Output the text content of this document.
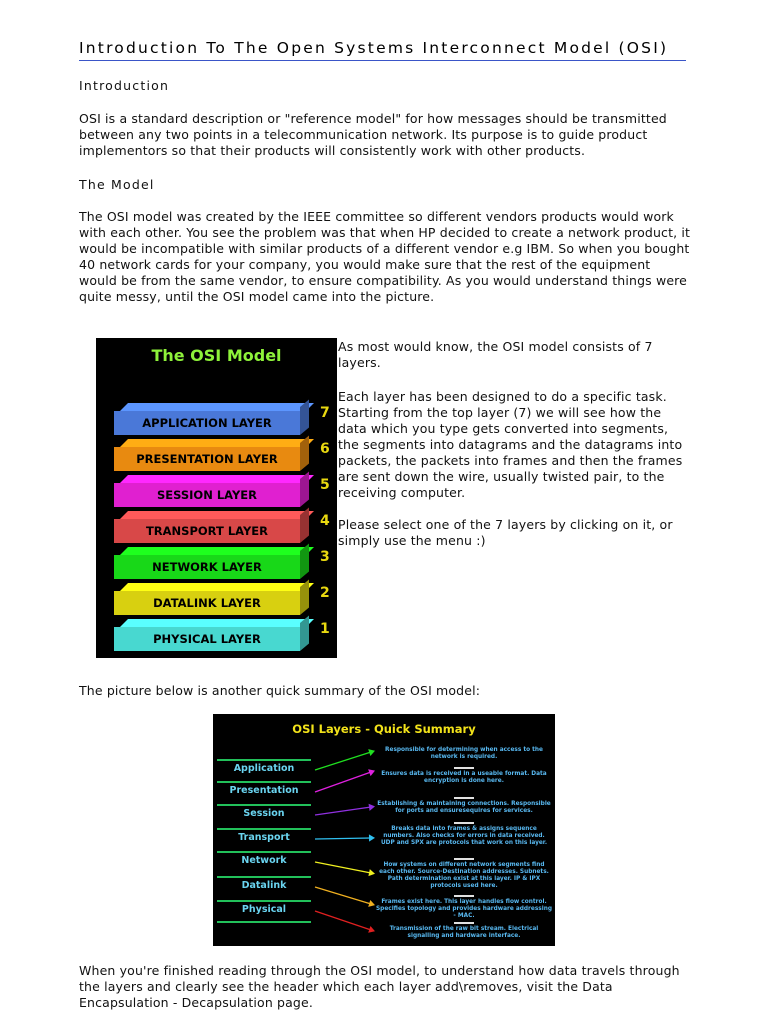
Introduction To The Open Systems Interconnect Model (OSI)
Introduction

OSI is a standard description or "reference model" for how messages should be transmitted between any two points in a telecommunication network. Its purpose is to guide product implementors so that their products will consistently work with other products.

The Model

The OSI model was created by the IEEE committee so different vendors products would work with each other. You see the problem was that when HP decided to create a network product, it would be incompatible with similar products of a different vendor e.g IBM. So when you bought 40 network cards for your company, you would make sure that the rest of the equipment would be from the same vendor, to ensure compatibility. As you would understand things were quite messy, until the OSI model came into the picture.

The OSI Model
APPLICATION LAYER
7
PRESENTATION LAYER
6
SESSION LAYER
5
TRANSPORT LAYER
4
NETWORK LAYER
3
DATALINK LAYER
2
PHYSICAL LAYER
1

As most would know, the OSI model consists of 7 layers.

Each layer has been designed to do a specific task. Starting from the top layer (7) we will see how the data which you type gets converted into segments, the segments into datagrams and the datagrams into packets, the packets into frames and then the frames are sent down the wire, usually twisted pair, to the receiving computer.

Please select one of the 7 layers by clicking on it, or simply use the menu :)

The picture below is another quick summary of the OSI model:

OSI Layers - Quick Summary
Application
Responsible for determining when access to the network is required.
Presentation
Ensures data is received in a useable format. Data encryption is done here.
Session
Establishing & maintaining connections. Responsible for ports and ensuresequires for services.
Transport
Breaks data into frames & assigns sequence numbers. Also checks for errors in data received. UDP and SPX are protocols that work on this layer.
Network	How systems on different network segments find each other. Source-Destination addresses. Subnets. Path determination exist at this layer. IP & IPX protocols used here.
Datalink
Frames exist here. This layer handles flow control. Specifies topology and provides hardware addressing - MAC.
Physical
Transmission of the raw bit stream. Electrical signalling and hardware interface.

When you're finished reading through the OSI model, to understand how data travels through the layers and clearly see the header which each layer add\removes, visit the Data Encapsulation - Decapsulation page.
